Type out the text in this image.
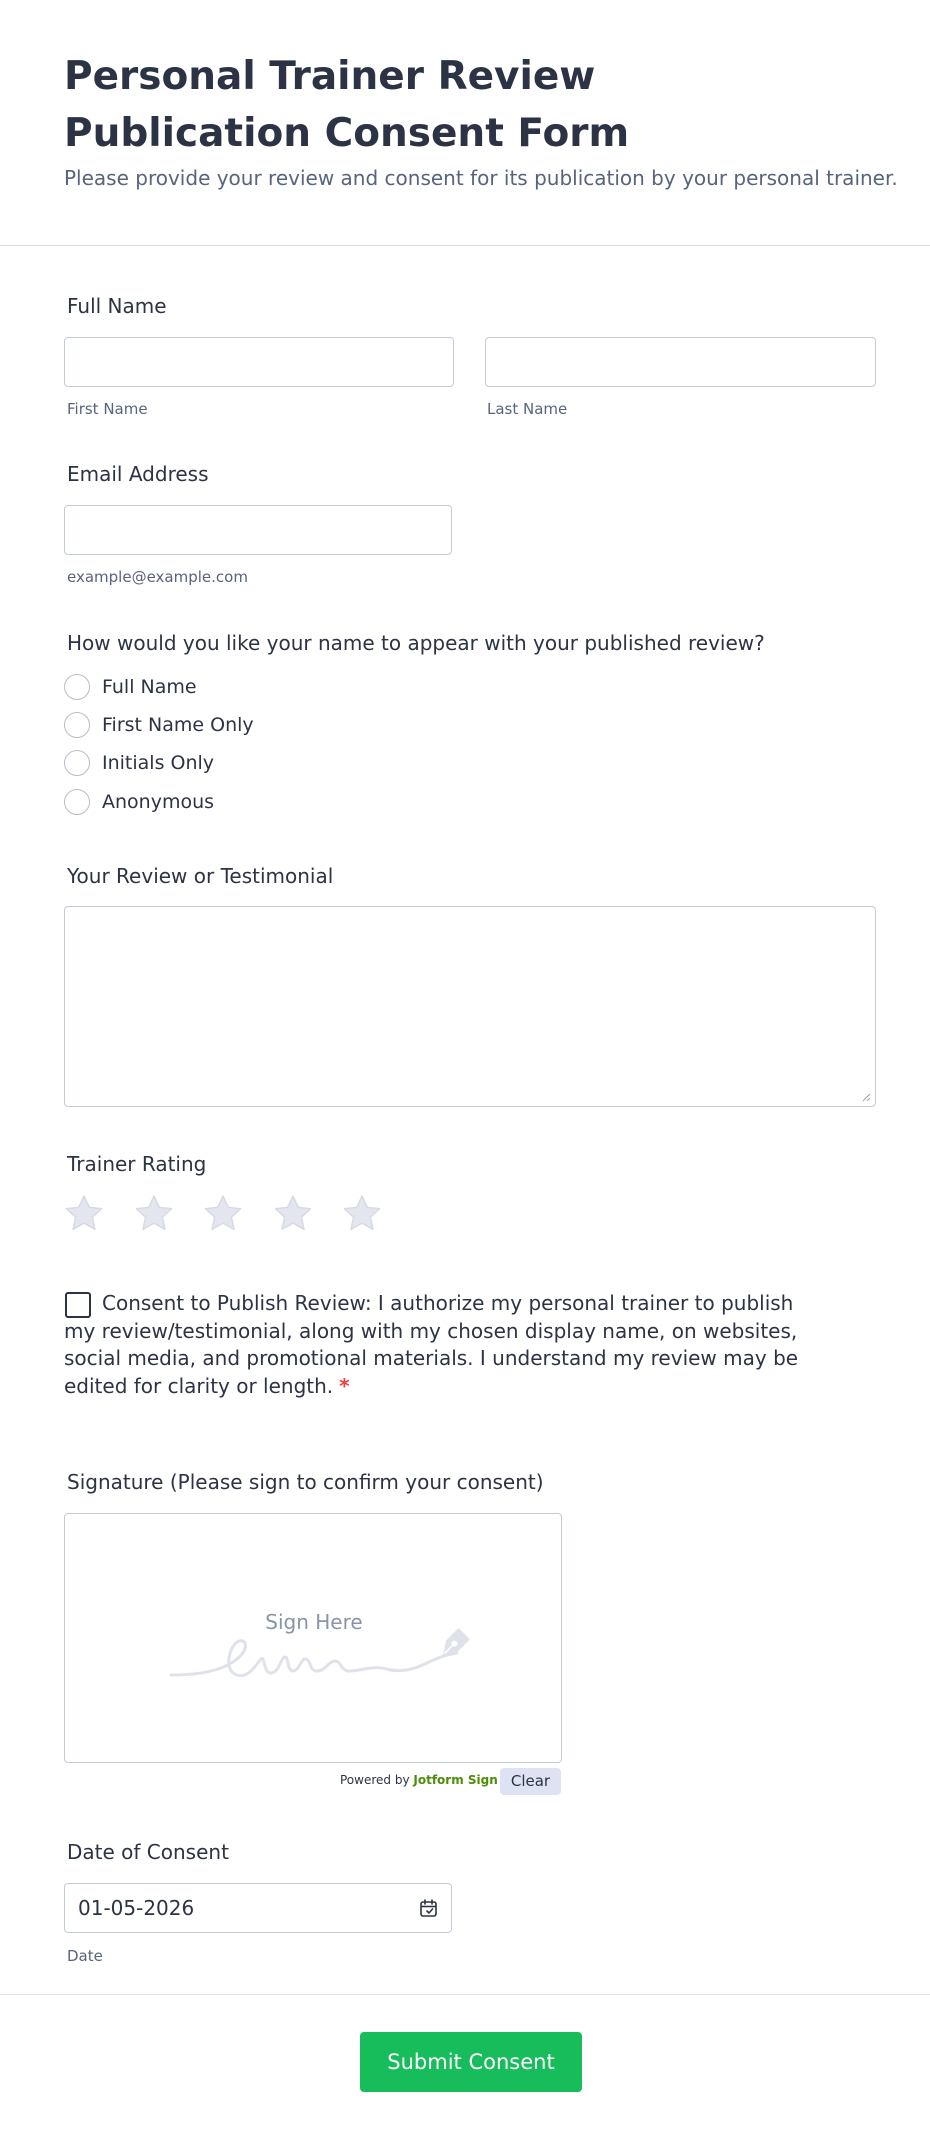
Personal Trainer Review Publication Consent Form
Please provide your review and consent for its publication by your personal trainer.
Full Name
First Name	Last Name
Email Address
example@example.com
How would you like your name to appear with your published review?
Full Name
First Name Only
Initials Only
Anonymous
Your Review or Testimonial
Trainer Rating
Consent to Publish Review: I authorize my personal trainer to publish my review/testimonial, along with my chosen display name, on websites, social media, and promotional materials. I understand my review may be edited for clarity or length. *
Signature (Please sign to confirm your consent)
Sign Here
Powered by Jotform Sign Clear
Date of Consent
01-05-2026
Date
Submit Consent
